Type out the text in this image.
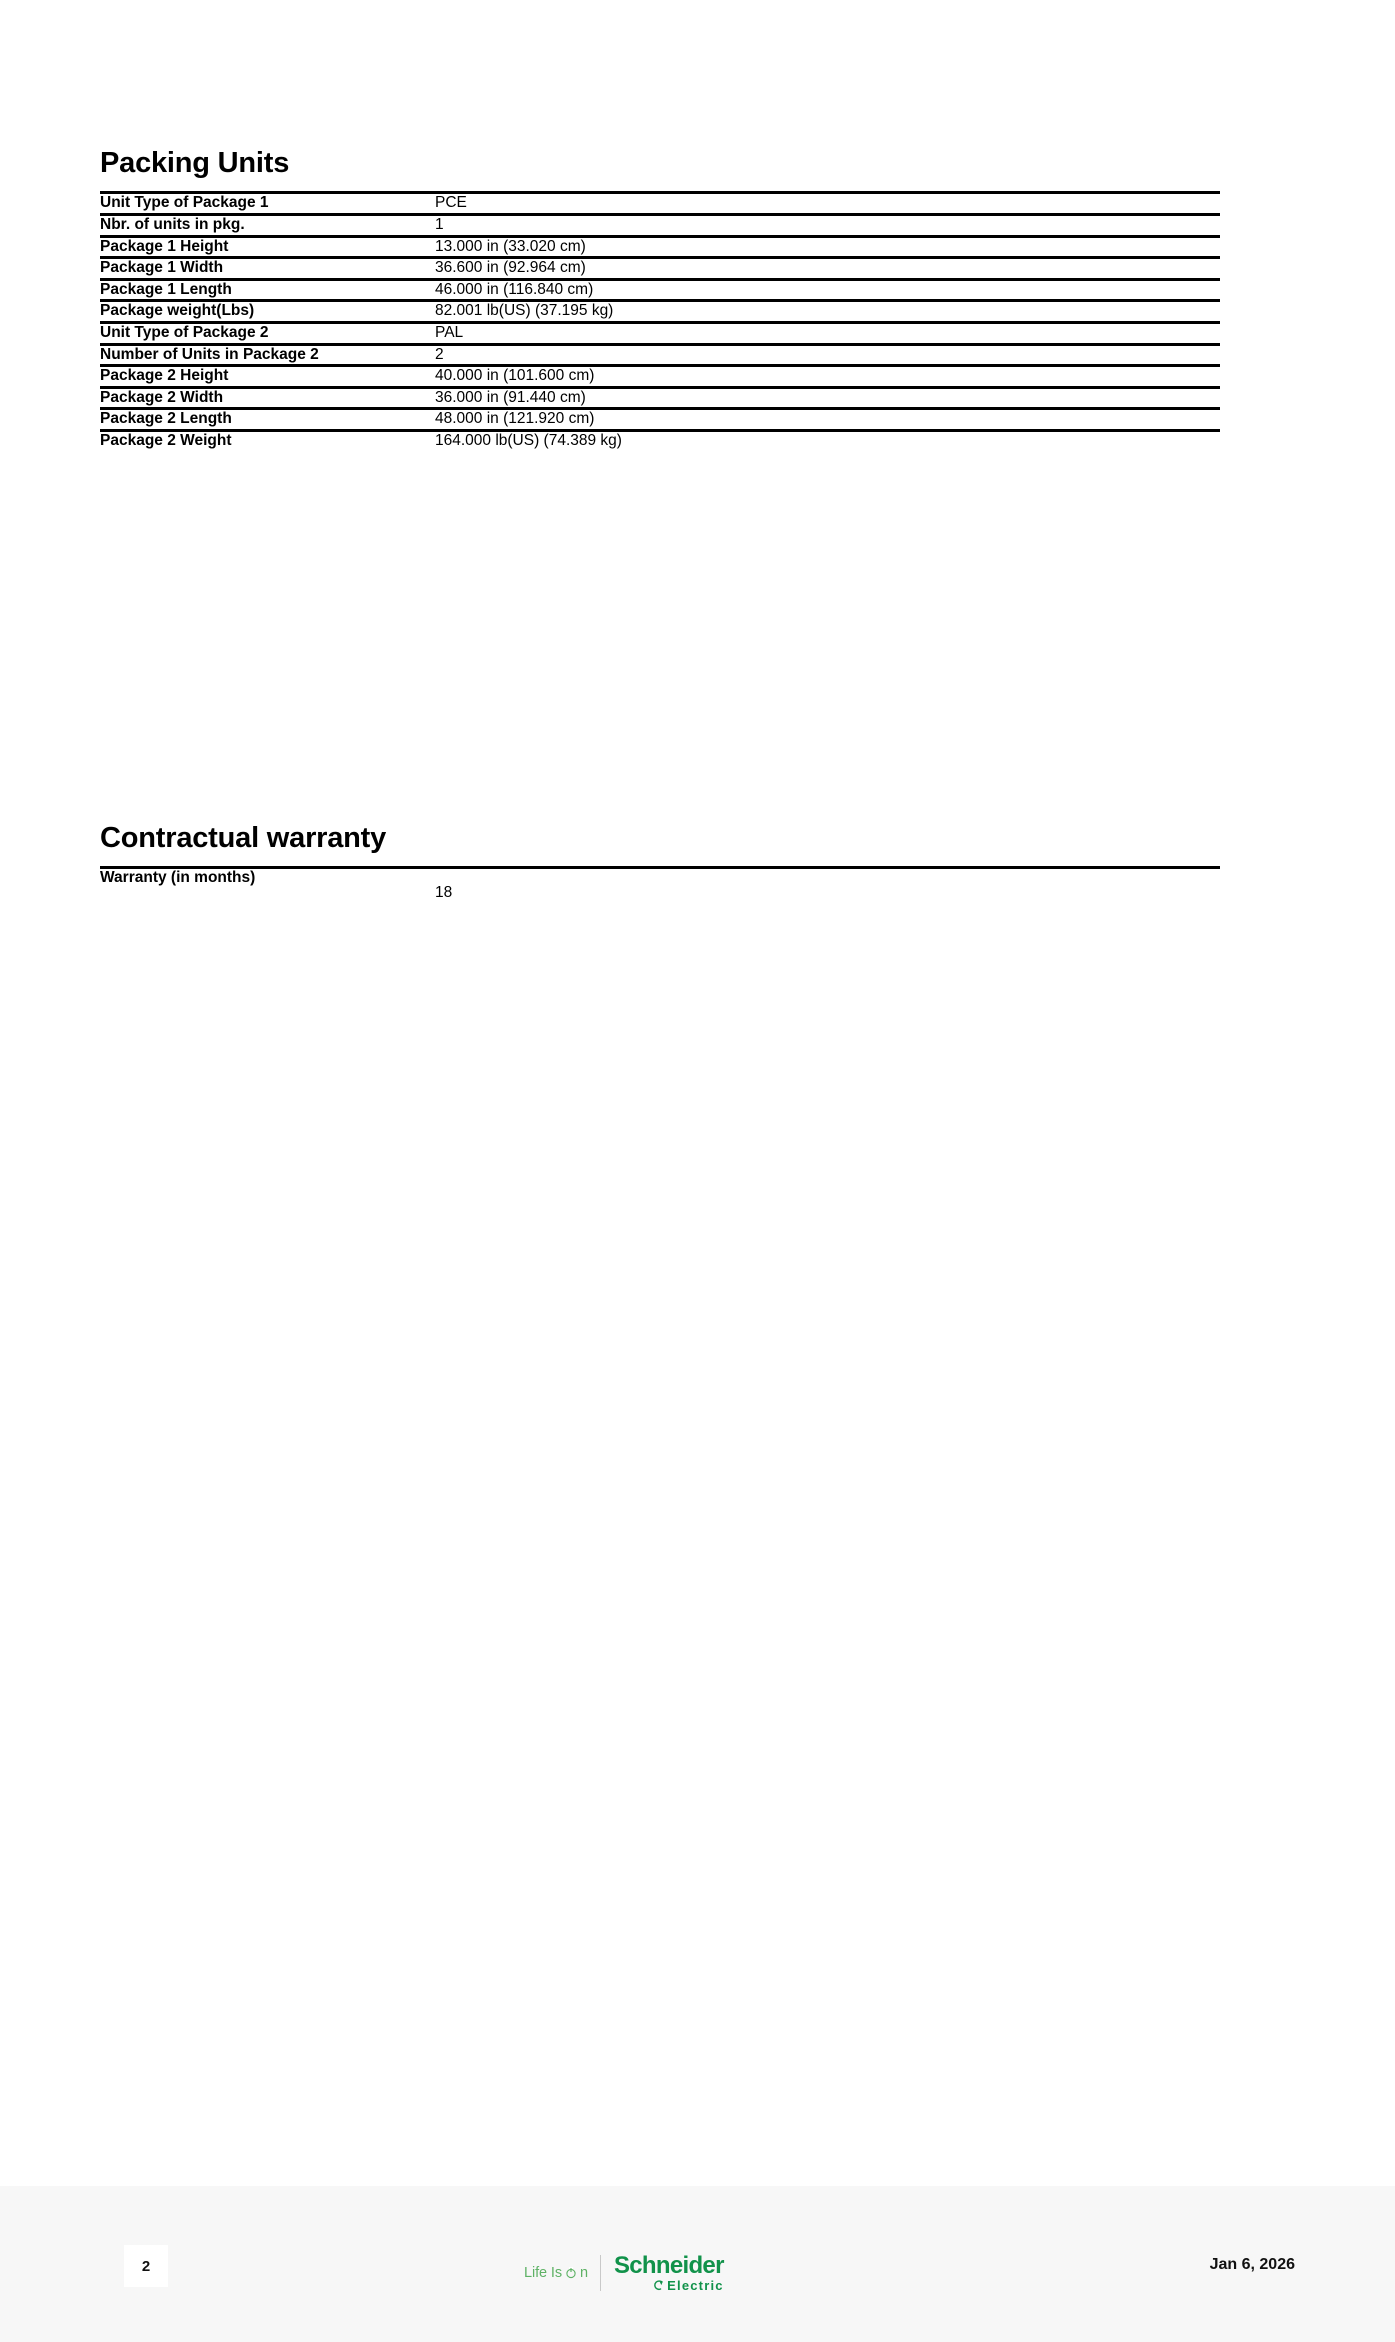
Packing Units
Unit Type of Package 1	PCE
Nbr. of units in pkg.	1
Package 1 Height	13.000 in (33.020 cm)
Package 1 Width	36.600 in (92.964 cm)
Package 1 Length	46.000 in (116.840 cm)
Package weight(Lbs)	82.001 lb(US) (37.195 kg)
Unit Type of Package 2	PAL
Number of Units in Package 2	2
Package 2 Height	40.000 in (101.600 cm)
Package 2 Width	36.000 in (91.440 cm)
Package 2 Length	48.000 in (121.920 cm)
Package 2 Weight	164.000 lb(US) (74.389 kg)
Contractual warranty
Warranty (in months)	18
2	Life Is n Schneider
Electric
Jan 6, 2026
